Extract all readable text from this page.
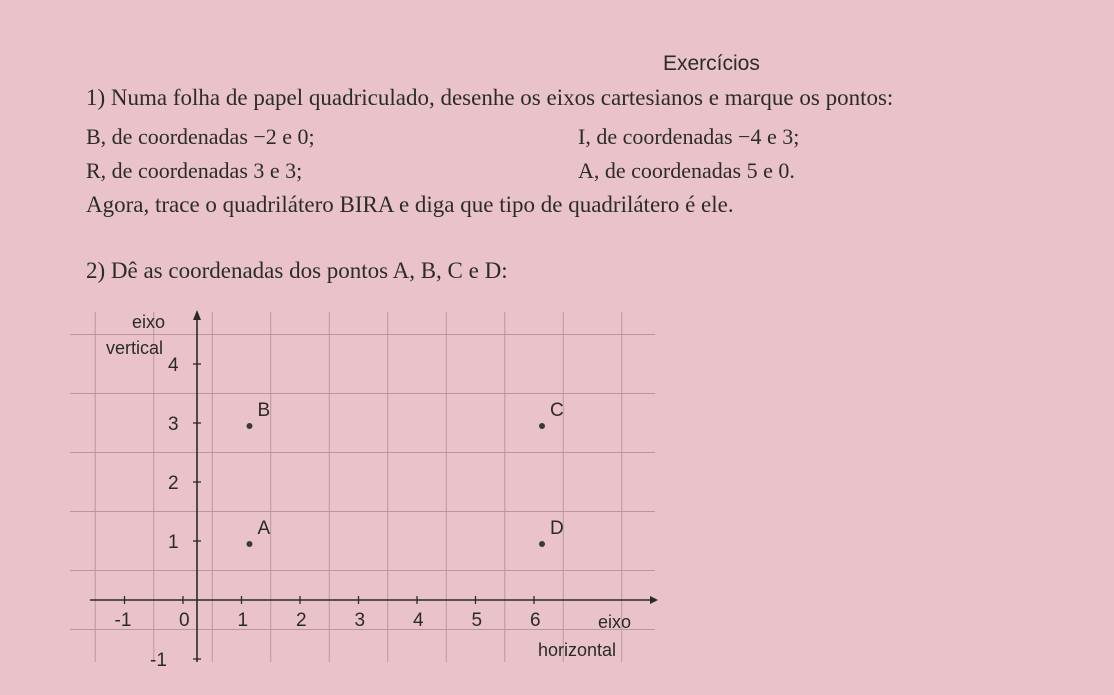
Exercícios
1) Numa folha de papel quadriculado, desenhe os eixos cartesianos e marque os pontos:
B, de coordenadas −2 e 0;	I, de coordenadas −4 e 3;
R, de coordenadas 3 e 3;	A, de coordenadas 5 e 0.
Agora, trace o quadrilátero BIRA e diga que tipo de quadrilátero é ele.
2) Dê as coordenadas dos pontos A, B, C e D:
-1	0	1	2	3	4	5	6
4
3
2
1
-1
B	C
A	D
eixo
vertical
eixo
horizontal
